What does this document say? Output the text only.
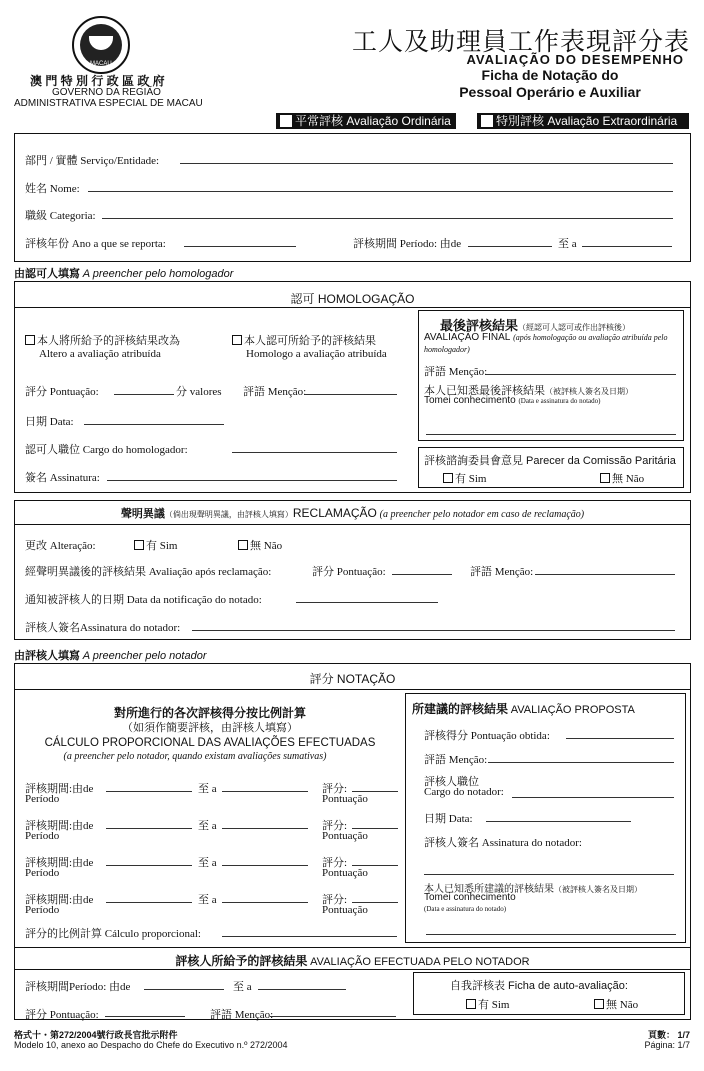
MACAU
澳 門 特 別 行 政 區 政 府
GOVERNO DA REGIÃO
ADMINISTRATIVA ESPECIAL DE MACAU
工人及助理員工作表現評分表
AVALIAÇÃO DO DESEMPENHO
Ficha de Notação do
Pessoal Operário e Auxiliar
平常評核 Avaliação Ordinária	特別評核 Avaliação Extraordinária
部門 / 實體 Serviço/Entidade:
姓名 Nome:
職級 Categoria:
評核年份 Ano a que se reporta:	評核期間 Período: 由de	至 a
由認可人填寫 A preencher pelo homologador
認可 HOMOLOGAÇÃO
本人將所給予的評核結果改為
Altero a avaliação atribuída
本人認可所給予的評核結果
Homologo a avaliação atribuída
評分 Pontuação:	分 valores 評語 Menção:
日期 Data:
認可人職位 Cargo do homologador:
簽名 Assinatura:
最後評核結果（經認可人認可或作出評核後）
AVALIAÇÃO FINAL (após homologação ou avaliação atribuída pelo homologador)
評語 Menção:
本人已知悉最後評核結果（被評核人簽名及日期）
Tomei conhecimento (Data e assinatura do notado)
評核諮詢委員會意見 Parecer da Comissão Paritária
有 Sim	無 Não
聲明異議（倘出現聲明異議，由評核人填寫）RECLAMAÇÃO (a preencher pelo notador em caso de reclamação)
更改 Alteração:	有 Sim	無 Não
經聲明異議後的評核結果 Avaliação após reclamação:	評分 Pontuação:	評語 Menção:
通知被評核人的日期 Data da notificação do notado:
評核人簽名Assinatura do notador:
由評核人填寫 A preencher pelo notador
評分 NOTAÇÃO
對所進行的各次評核得分按比例計算
（如須作簡要評核，由評核人填寫）
CÁLCULO PROPORCIONAL DAS AVALIAÇÕES EFECTUADAS
(a preencher pelo notador, quando existam avaliações sumativas)
評核期間:由de
Período
至 a	評分:
Pontuação
評核期間:由de
Período
至 a	評分:
Pontuação
評核期間:由de
Período
至 a	評分:
Pontuação
評核期間:由de
Período
至 a	評分:
Pontuação
評分的比例計算 Cálculo proporcional:
所建議的評核結果 AVALIAÇÃO PROPOSTA
評核得分 Pontuação obtida:
評語 Menção:
評核人職位
Cargo do notador:
日期 Data:
評核人簽名 Assinatura do notador:
本人已知悉所建議的評核結果（被評核人簽名及日期）
Tomei conhecimento
(Data e assinatura do notado)
評核人所給予的評核結果 AVALIAÇÃO EFECTUADA PELO NOTADOR
評核期間Período: 由de	至 a
評分 Pontuação:	評語 Menção:
自我評核表 Ficha de auto-avaliação:
有 Sim	無 Não
格式十・第272/2004號行政長官批示附件
Modelo 10, anexo ao Despacho do Chefe do Executivo n.º 272/2004
頁數： 1/7
Página: 1/7
